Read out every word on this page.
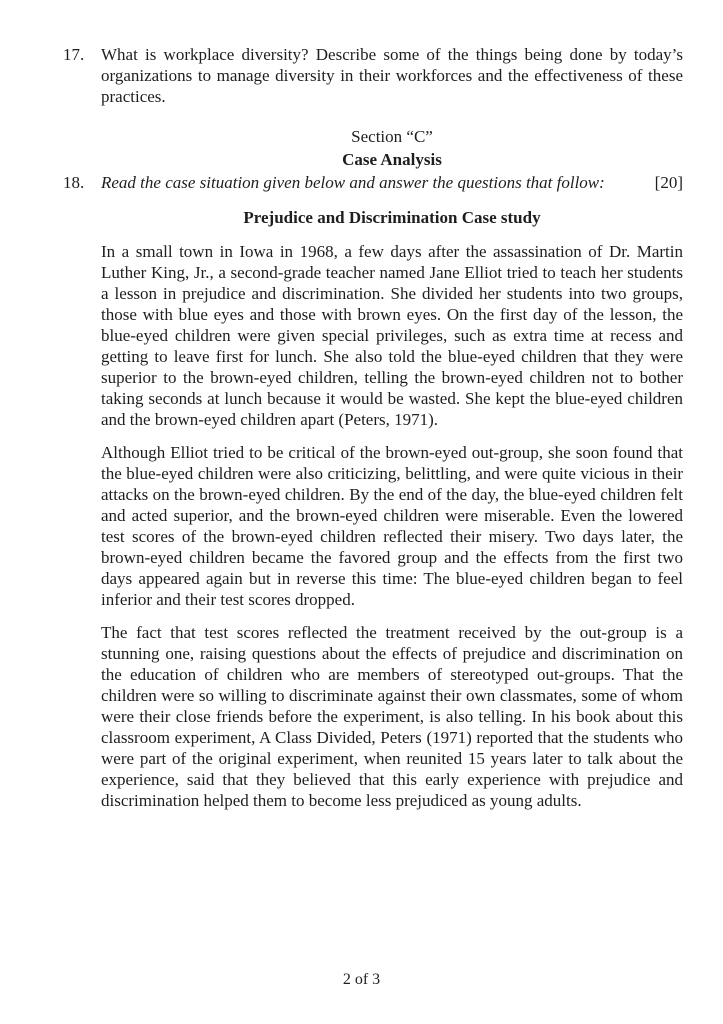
17. What is workplace diversity? Describe some of the things being done by today’s organizations to manage diversity in their workforces and the effectiveness of these practices.
Section “C”
Case Analysis
18. Read the case situation given below and answer the questions that follow:	[20]
Prejudice and Discrimination Case study

In a small town in Iowa in 1968, a few days after the assassination of Dr. Martin Luther King, Jr., a second-grade teacher named Jane Elliot tried to teach her students a lesson in prejudice and discrimination. She divided her students into two groups, those with blue eyes and those with brown eyes. On the first day of the lesson, the blue-eyed children were given special privileges, such as extra time at recess and getting to leave first for lunch. She also told the blue-eyed children that they were superior to the brown-eyed children, telling the brown-eyed children not to bother taking seconds at lunch because it would be wasted. She kept the blue-eyed children and the brown-eyed children apart (Peters, 1971).

Although Elliot tried to be critical of the brown-eyed out-group, she soon found that the blue-eyed children were also criticizing, belittling, and were quite vicious in their attacks on the brown-eyed children. By the end of the day, the blue-eyed children felt and acted superior, and the brown-eyed children were miserable. Even the lowered test scores of the brown-eyed children reflected their misery. Two days later, the brown-eyed children became the favored group and the effects from the first two days appeared again but in reverse this time: The blue-eyed children began to feel inferior and their test scores dropped.

The fact that test scores reflected the treatment received by the out-group is a stunning one, raising questions about the effects of prejudice and discrimination on the education of children who are members of stereotyped out-groups. That the children were so willing to discriminate against their own classmates, some of whom were their close friends before the experiment, is also telling. In his book about this classroom experiment, A Class Divided, Peters (1971) reported that the students who were part of the original experiment, when reunited 15 years later to talk about the experience, said that they believed that this early experience with prejudice and discrimination helped them to become less prejudiced as young adults.

2 of 3
